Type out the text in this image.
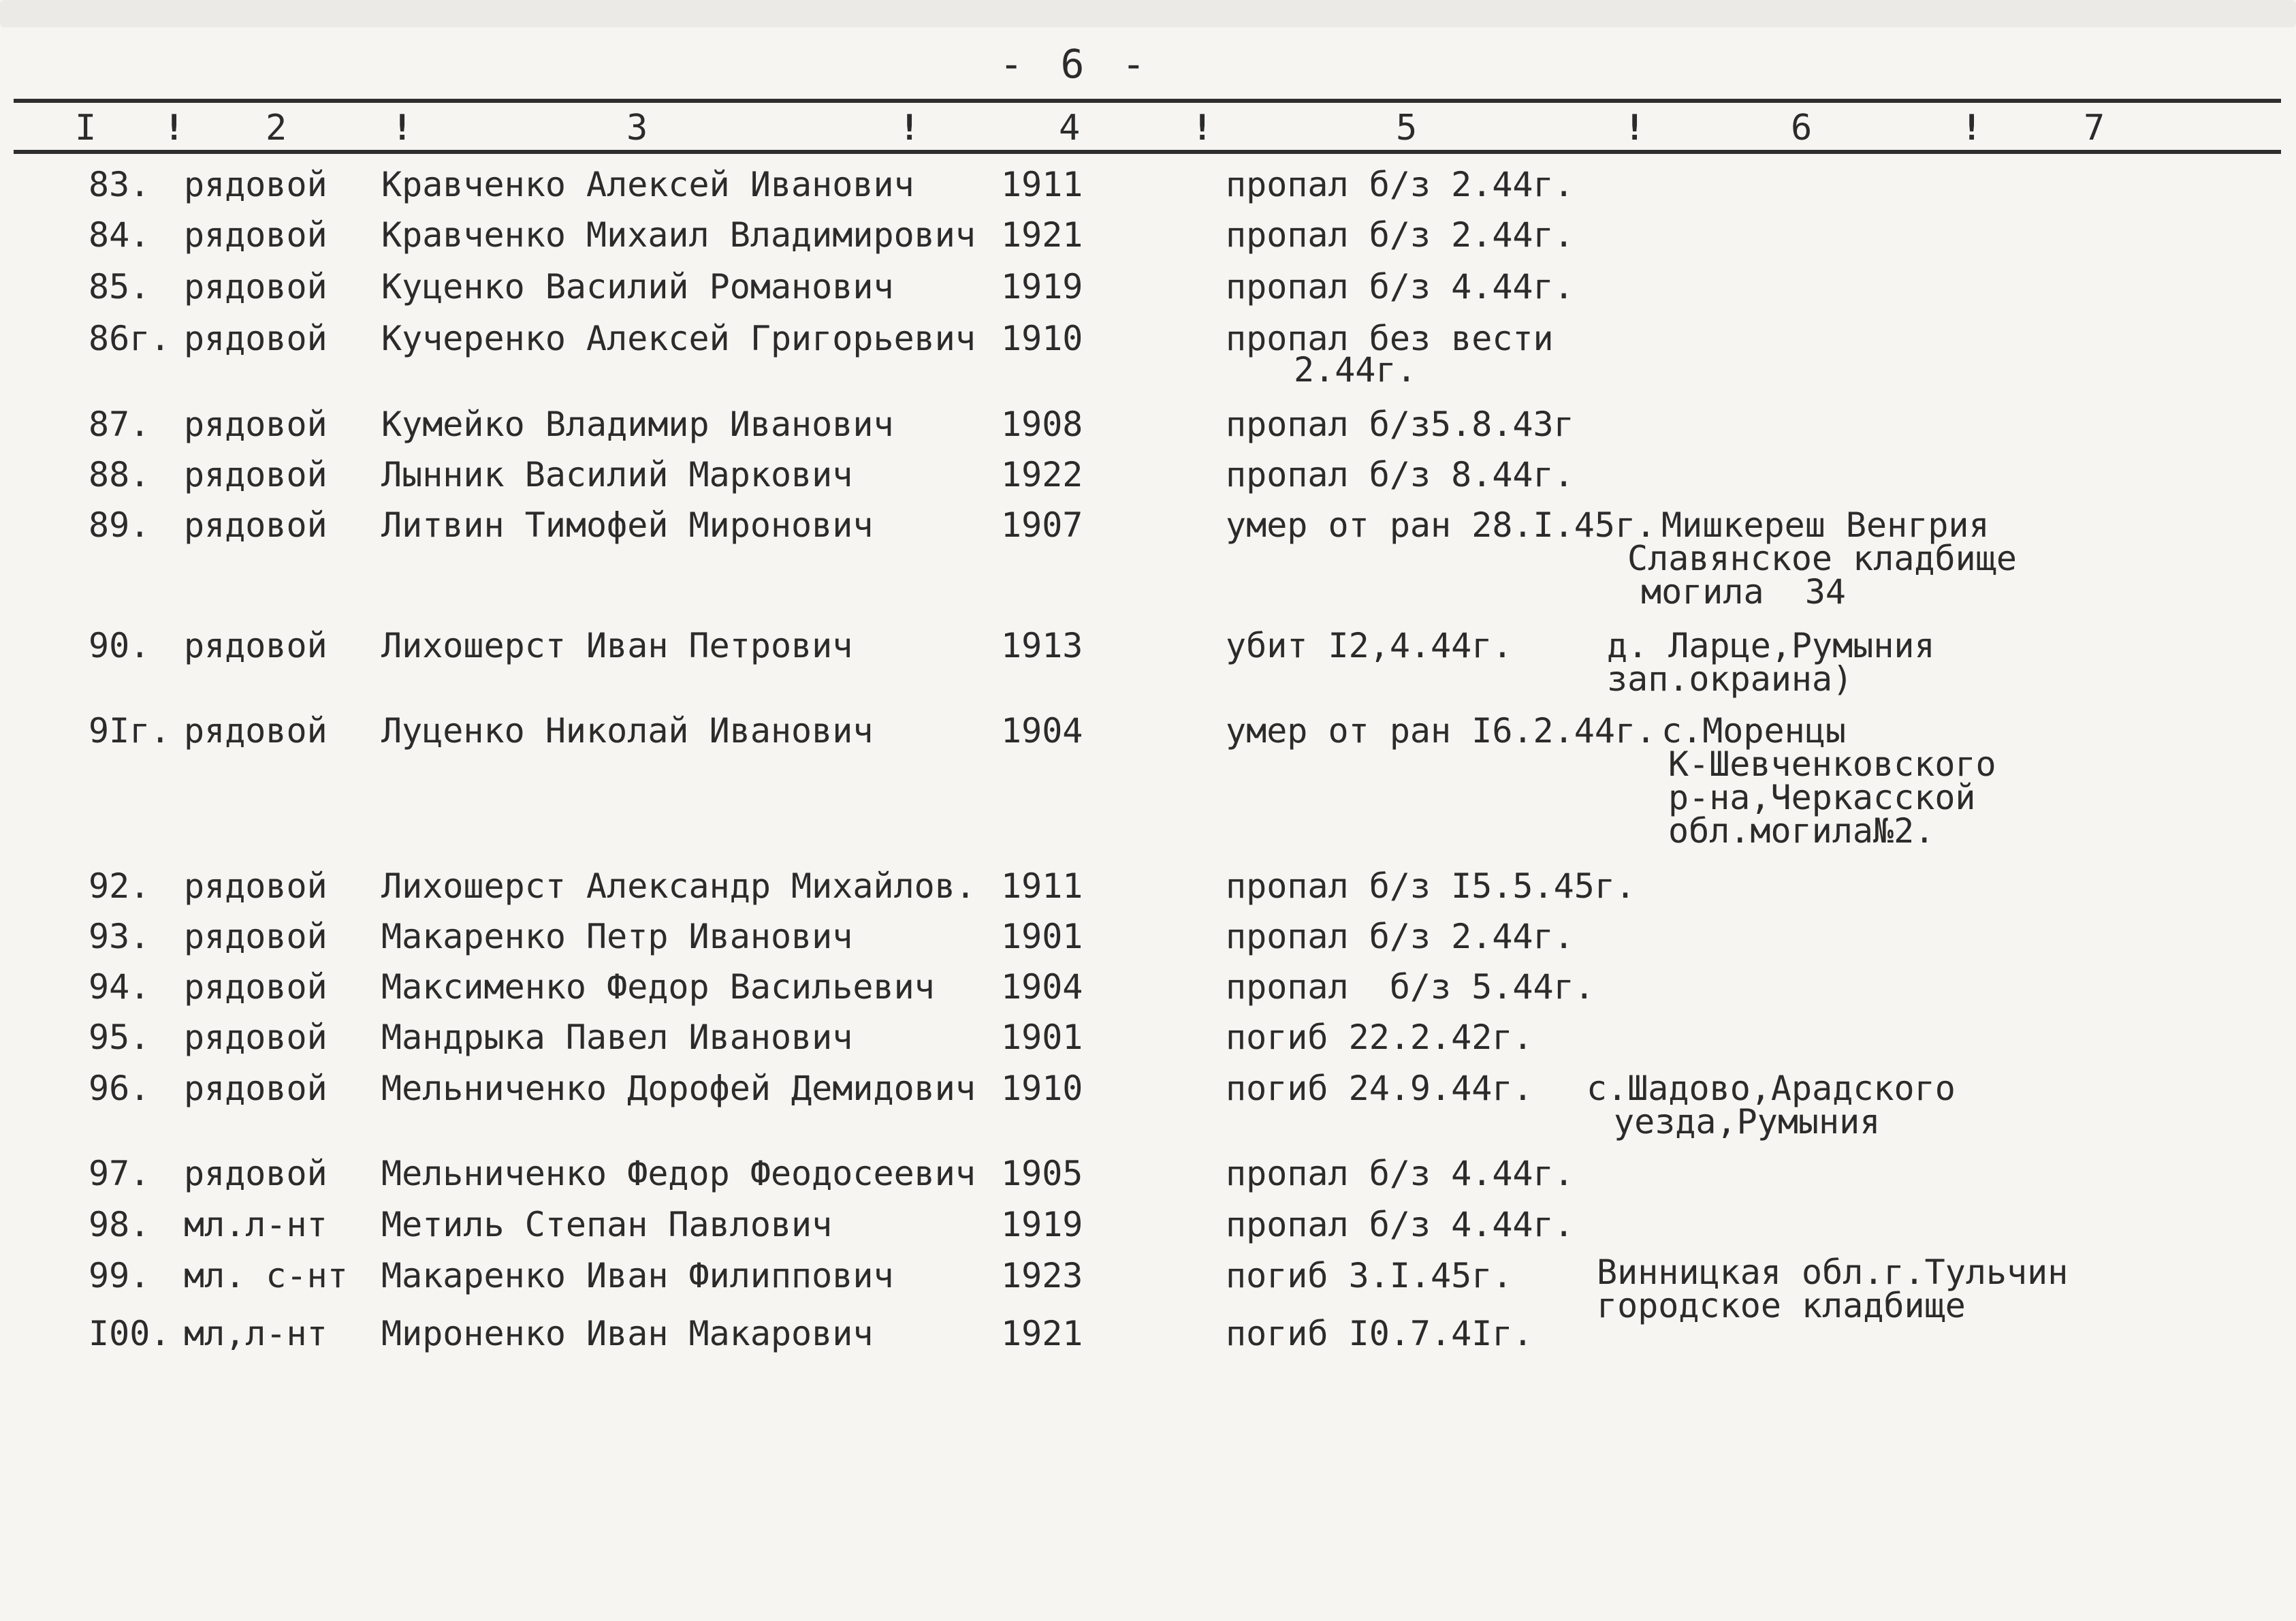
- 6 -
I ! 2	!	3	!	4	!	5	!	6	!	7
83. рядовой Кравченко Алексей Иванович	1911	пропал б/з 2.44г.
84. рядовой Кравченко Михаил Владимирович 1921	пропал б/з 2.44г.
85. рядовой Куценко Василий Романович	1919	пропал б/з 4.44г.
86г. рядовой Кучеренко Алексей Григорьевич 1910	пропал без вести
2.44г.
87. рядовой Кумейко Владимир Иванович	1908	пропал б/з5.8.43г
88. рядовой Лынник Василий Маркович	1922	пропал б/з 8.44г.
89. рядовой Литвин Тимофей Миронович	1907	умер от ран 28.I.45г. Мишкереш Венгрия
Славянское кладбище
могила  34
90. рядовой Лихошерст Иван Петрович	1913	убит I2,4.44г.	д. Ларце,Румыния
зап.окраина)
9Iг. рядовой Луценко Николай Иванович	1904	умер от ран I6.2.44г. с.Моренцы
К-Шевченковского
р-на,Черкасской
обл.могила№2.
92. рядовой Лихошерст Александр Михайлов. 1911	пропал б/з I5.5.45г.
93. рядовой Макаренко Петр Иванович	1901	пропал б/з 2.44г.
94. рядовой Максименко Федор Васильевич 1904	пропал  б/з 5.44г.
95. рядовой Мандрыка Павел Иванович	1901	погиб 22.2.42г.
96. рядовой Мельниченко Дорофей Демидович 1910	погиб 24.9.44г. с.Шадово,Арадского
уезда,Румыния
97. рядовой Мельниченко Федор Феодосеевич 1905	пропал б/з 4.44г.
98. мл.л-нт Метиль Степан Павлович	1919	пропал б/з 4.44г.
99. мл. с-нт Макаренко Иван Филиппович	1923	погиб 3.I.45г. Винницкая обл.г.Тульчин
городское кладбище
I00. мл,л-нт Мироненко Иван Макарович	1921	погиб I0.7.4Iг.
